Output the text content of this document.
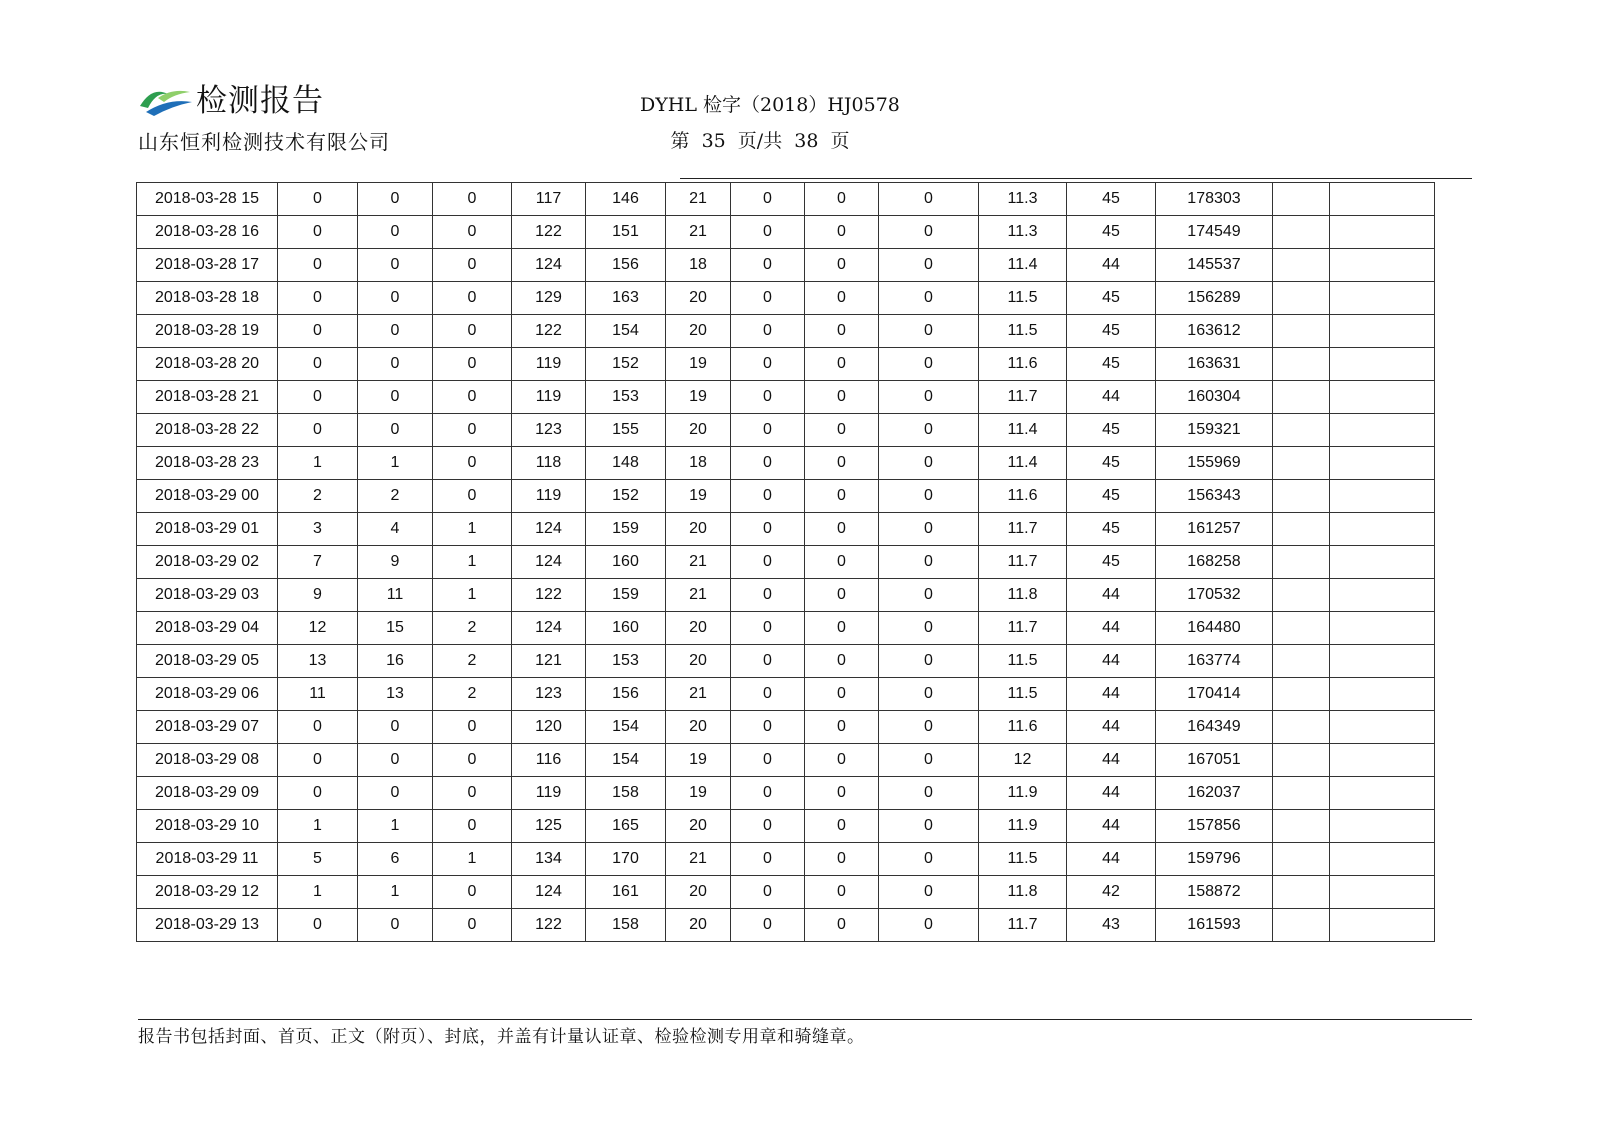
检测报告
山东恒利检测技术有限公司
DYHL 检字（2018）HJ0578
第 35 页/共 38 页
2018-03-28 15	0	0	0	117	146	21	0	0	0	11.3	45	178303		
2018-03-28 16	0	0	0	122	151	21	0	0	0	11.3	45	174549		
2018-03-28 17	0	0	0	124	156	18	0	0	0	11.4	44	145537		
2018-03-28 18	0	0	0	129	163	20	0	0	0	11.5	45	156289		
2018-03-28 19	0	0	0	122	154	20	0	0	0	11.5	45	163612		
2018-03-28 20	0	0	0	119	152	19	0	0	0	11.6	45	163631		
2018-03-28 21	0	0	0	119	153	19	0	0	0	11.7	44	160304		
2018-03-28 22	0	0	0	123	155	20	0	0	0	11.4	45	159321		
2018-03-28 23	1	1	0	118	148	18	0	0	0	11.4	45	155969		
2018-03-29 00	2	2	0	119	152	19	0	0	0	11.6	45	156343		
2018-03-29 01	3	4	1	124	159	20	0	0	0	11.7	45	161257		
2018-03-29 02	7	9	1	124	160	21	0	0	0	11.7	45	168258		
2018-03-29 03	9	11	1	122	159	21	0	0	0	11.8	44	170532		
2018-03-29 04	12	15	2	124	160	20	0	0	0	11.7	44	164480		
2018-03-29 05	13	16	2	121	153	20	0	0	0	11.5	44	163774		
2018-03-29 06	11	13	2	123	156	21	0	0	0	11.5	44	170414		
2018-03-29 07	0	0	0	120	154	20	0	0	0	11.6	44	164349		
2018-03-29 08	0	0	0	116	154	19	0	0	0	12	44	167051		
2018-03-29 09	0	0	0	119	158	19	0	0	0	11.9	44	162037		
2018-03-29 10	1	1	0	125	165	20	0	0	0	11.9	44	157856		
2018-03-29 11	5	6	1	134	170	21	0	0	0	11.5	44	159796		
2018-03-29 12	1	1	0	124	161	20	0	0	0	11.8	42	158872		
2018-03-29 13	0	0	0	122	158	20	0	0	0	11.7	43	161593		
报告书包括封面、首页、正文（附页）、封底，并盖有计量认证章、检验检测专用章和骑缝章。
